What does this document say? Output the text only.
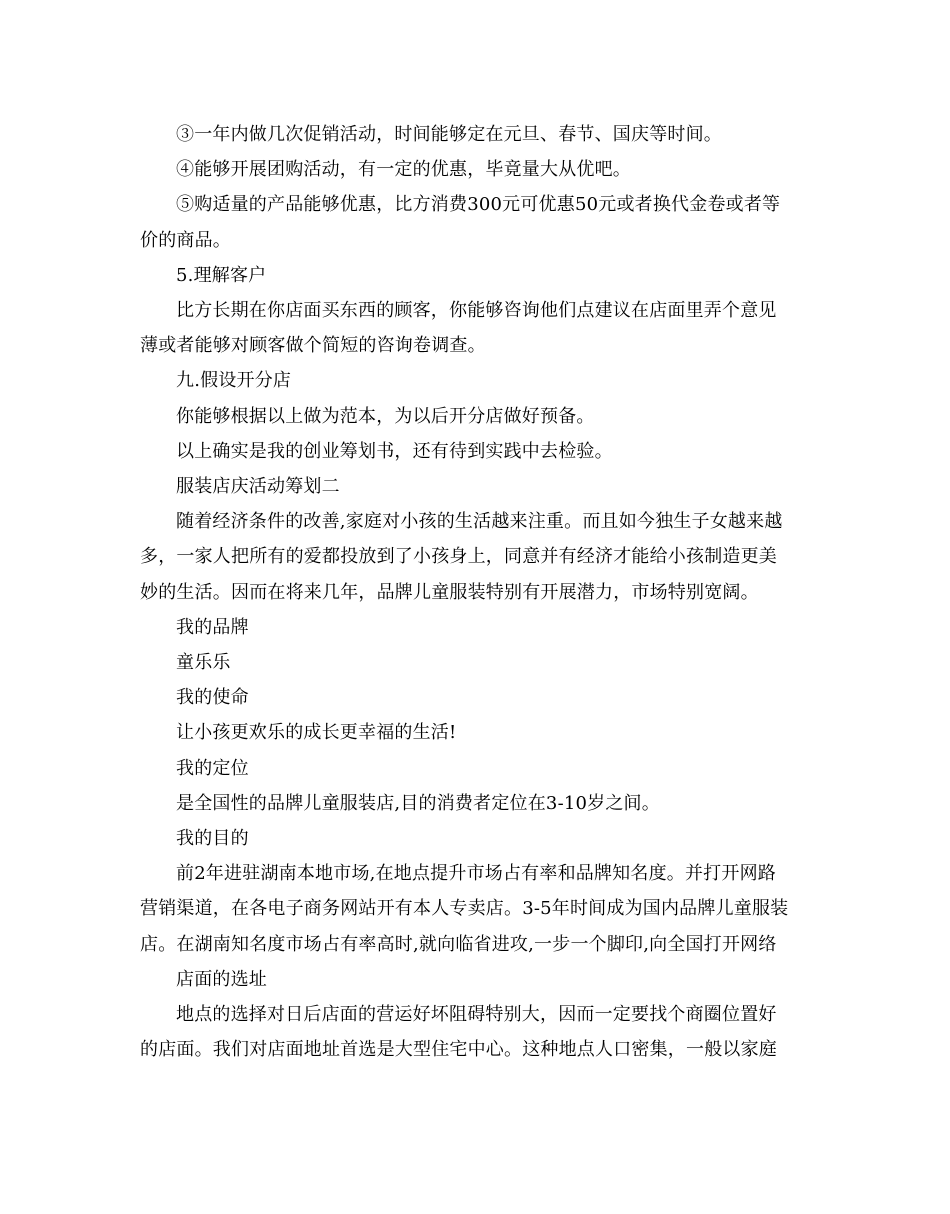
③一年内做几次促销活动，时间能够定在元旦、春节、国庆等时间。
④能够开展团购活动，有一定的优惠，毕竟量大从优吧。
⑤购适量的产品能够优惠，比方消费300元可优惠50元或者换代金卷或者等
价的商品。
5.理解客户
比方长期在你店面买东西的顾客，你能够咨询他们点建议在店面里弄个意见
薄或者能够对顾客做个简短的咨询卷调查。
九.假设开分店
你能够根据以上做为范本，为以后开分店做好预备。
以上确实是我的创业筹划书，还有待到实践中去检验。
服装店庆活动筹划二
随着经济条件的改善,家庭对小孩的生活越来注重。而且如今独生子女越来越
多，一家人把所有的爱都投放到了小孩身上，同意并有经济才能给小孩制造更美
妙的生活。因而在将来几年，品牌儿童服装特别有开展潜力，市场特别宽阔。
我的品牌
童乐乐
我的使命
让小孩更欢乐的成长更幸福的生活!
我的定位
是全国性的品牌儿童服装店,目的消费者定位在3-10岁之间。
我的目的
前2年进驻湖南本地市场,在地点提升市场占有率和品牌知名度。并打开网路
营销渠道，在各电子商务网站开有本人专卖店。3-5年时间成为国内品牌儿童服装
店。在湖南知名度市场占有率高时,就向临省进攻,一步一个脚印,向全国打开网络
店面的选址
地点的选择对日后店面的营运好坏阻碍特别大，因而一定要找个商圈位置好
的店面。我们对店面地址首选是大型住宅中心。这种地点人口密集，一般以家庭
